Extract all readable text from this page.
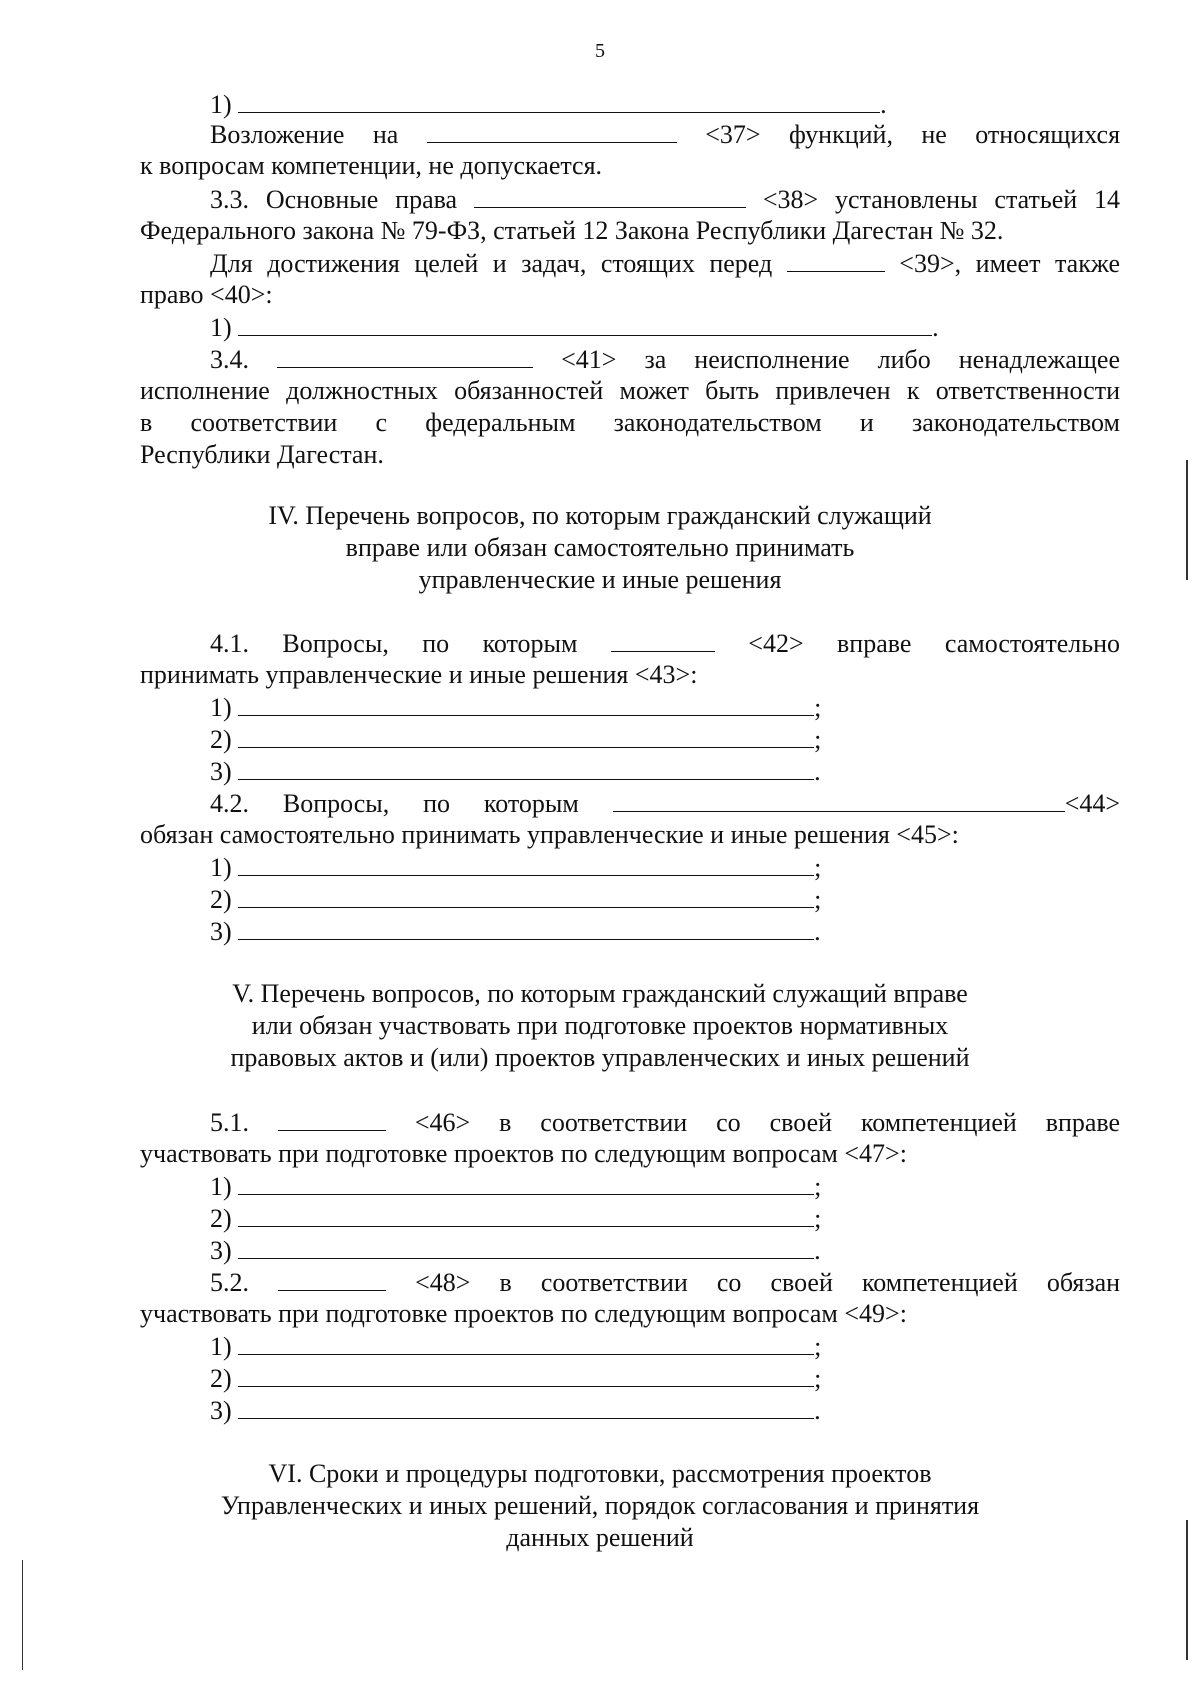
5
1)	.
Возложение на	<37> функций, не относящихся
к вопросам компетенции, не допускается.
3.3. Основные права	<38> установлены статьей 14
Федерального закона № 79-ФЗ, статьей 12 Закона Республики Дагестан № 32.
Для достижения целей и задач, стоящих перед	<39>, имеет также
право <40>:
1)	.
3.4.	<41> за неисполнение либо ненадлежащее
исполнение должностных обязанностей может быть привлечен к ответственности
в соответствии с федеральным законодательством и законодательством
Республики Дагестан.
IV. Перечень вопросов, по которым гражданский служащий
вправе или обязан самостоятельно принимать
управленческие и иные решения
4.1. Вопросы, по которым	<42> вправе самостоятельно
принимать управленческие и иные решения <43>:
1)	;
2)	;
3)	.
4.2. Вопросы, по которым	<44>
обязан самостоятельно принимать управленческие и иные решения <45>:
1)	;
2)	;
3)	.
V. Перечень вопросов, по которым гражданский служащий вправе
или обязан участвовать при подготовке проектов нормативных
правовых актов и (или) проектов управленческих и иных решений
5.1.	<46> в соответствии со своей компетенцией вправе
участвовать при подготовке проектов по следующим вопросам <47>:
1)	;
2)	;
3)	.
5.2.	<48> в соответствии со своей компетенцией обязан
участвовать при подготовке проектов по следующим вопросам <49>:
1)	;
2)	;
3)	.
VI. Сроки и процедуры подготовки, рассмотрения проектов
Управленческих и иных решений, порядок согласования и принятия
данных решений
